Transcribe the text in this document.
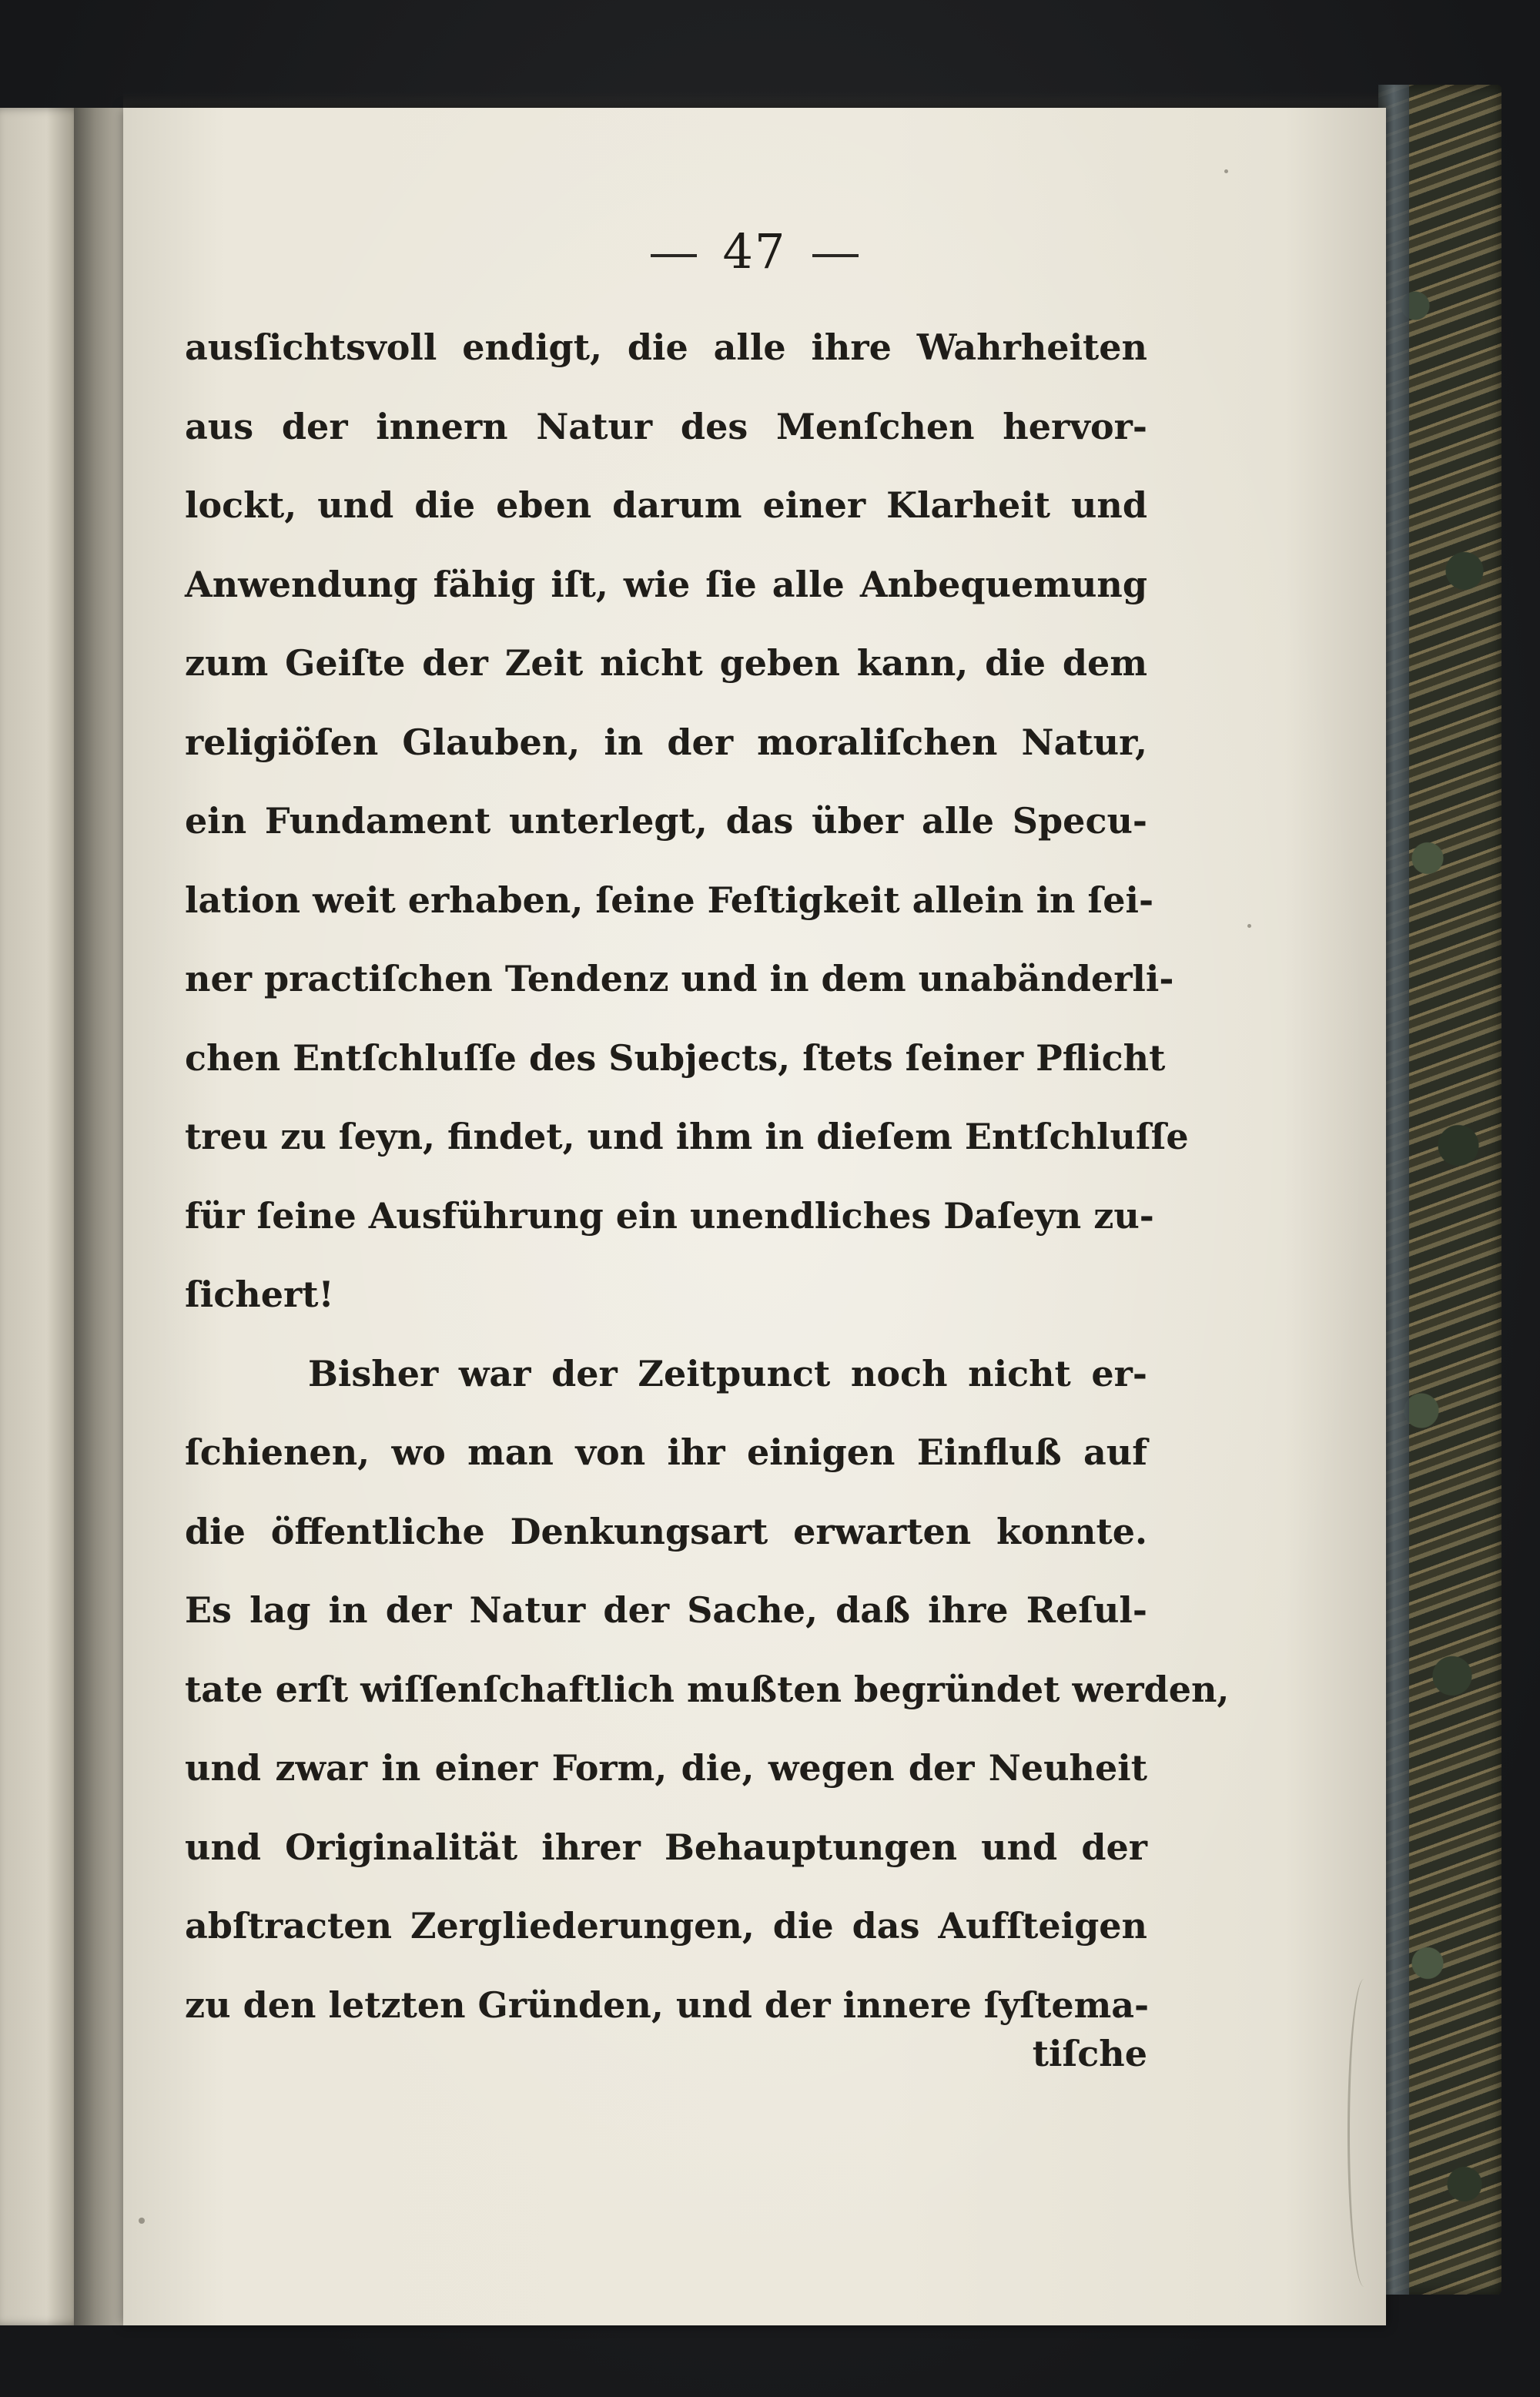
47
ausſichtsvoll endigt, die alle ihre Wahrheiten
aus der innern Natur des Menſchen hervor-
lockt, und die eben darum einer Klarheit und
Anwendung fähig iſt, wie ſie alle Anbequemung
zum Geiſte der Zeit nicht geben kann, die dem
religiöſen Glauben, in der moraliſchen Natur,
ein Fundament unterlegt, das über alle Specu-
lation weit erhaben, ſeine Feſtigkeit allein in ſei-
ner practiſchen Tendenz und in dem unabänderli-
chen Entſchluſſe des Subjects, ſtets ſeiner Pflicht
treu zu ſeyn, findet, und ihm in dieſem Entſchluſſe
für ſeine Ausführung ein unendliches Daſeyn zu-
ſichert!
Bisher war der Zeitpunct noch nicht er-
ſchienen, wo man von ihr einigen Einfluß auf
die öffentliche Denkungsart erwarten konnte.
Es lag in der Natur der Sache, daß ihre Reſul-
tate erſt wiſſenſchaftlich mußten begründet werden,
und zwar in einer Form, die, wegen der Neuheit
und Originalität ihrer Behauptungen und der
abſtracten Zergliederungen, die das Aufſteigen
zu den letzten Gründen, und der innere ſyſtema-
tiſche
